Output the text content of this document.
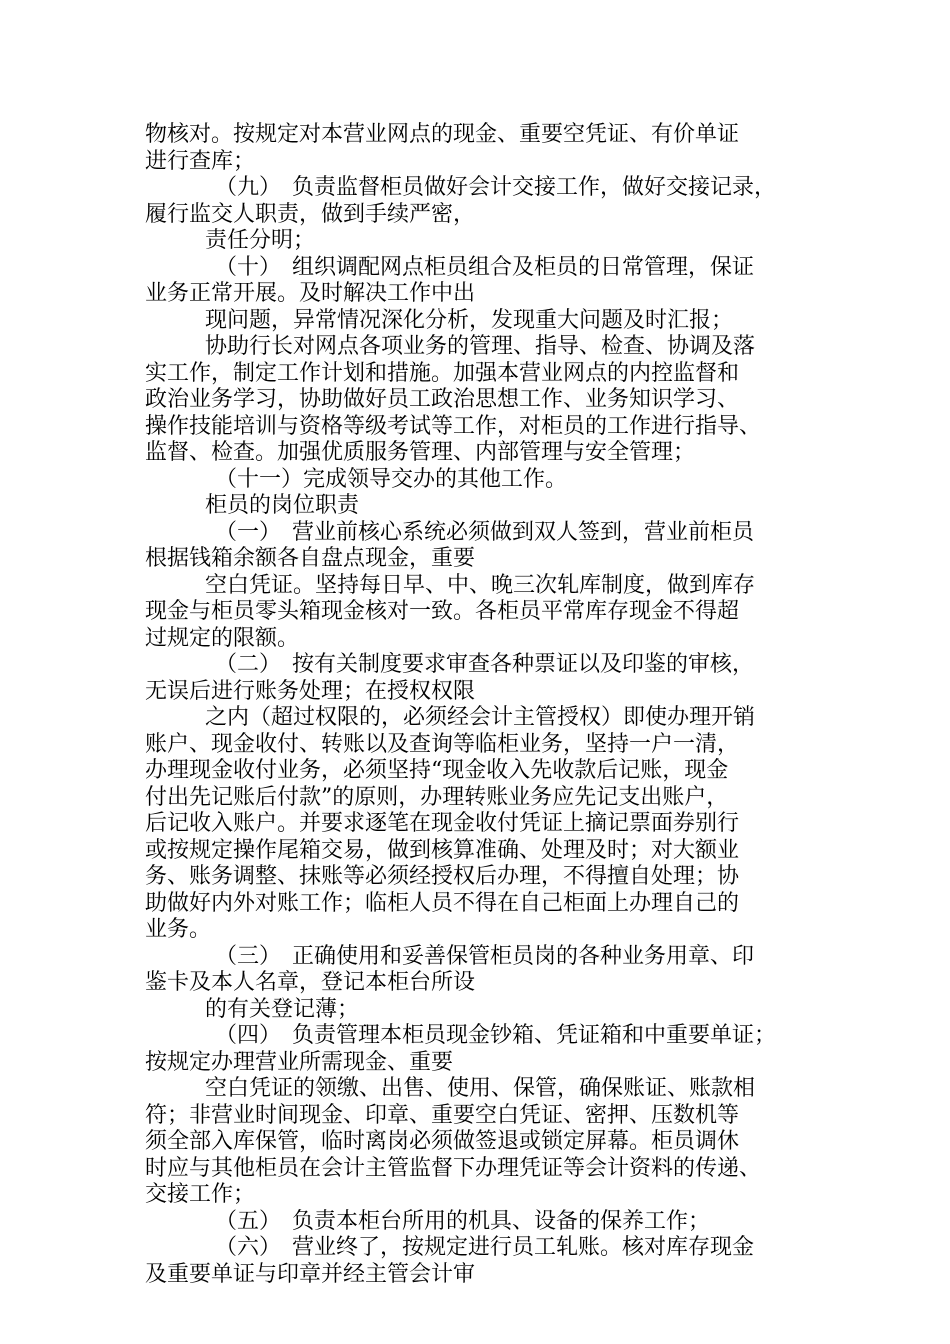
物核对。按规定对本营业网点的现金、重要空凭证、有价单证
进行查库；
（九）　负责监督柜员做好会计交接工作，做好交接记录，
履行监交人职责，做到手续严密，
责任分明；
（十）　组织调配网点柜员组合及柜员的日常管理，保证
业务正常开展。及时解决工作中出
现问题，异常情况深化分析，发现重大问题及时汇报；
协助行长对网点各项业务的管理、指导、检查、协调及落
实工作，制定工作计划和措施。加强本营业网点的内控监督和
政治业务学习，协助做好员工政治思想工作、业务知识学习、
操作技能培训与资格等级考试等工作，对柜员的工作进行指导、
监督、检查。加强优质服务管理、内部管理与安全管理；
（十一）完成领导交办的其他工作。
柜员的岗位职责
（一）　营业前核心系统必须做到双人签到，营业前柜员
根据钱箱余额各自盘点现金，重要
空白凭证。坚持每日早、中、晚三次轧库制度，做到库存
现金与柜员零头箱现金核对一致。各柜员平常库存现金不得超
过规定的限额。
（二）　按有关制度要求审查各种票证以及印鉴的审核，
无误后进行账务处理；在授权权限
之内（超过权限的，必须经会计主管授权）即使办理开销
账户、现金收付、转账以及查询等临柜业务，坚持一户一清，
办理现金收付业务，必须坚持“现金收入先收款后记账，现金
付出先记账后付款”的原则，办理转账业务应先记支出账户，
后记收入账户。并要求逐笔在现金收付凭证上摘记票面券别行
或按规定操作尾箱交易，做到核算准确、处理及时；对大额业
务、账务调整、抹账等必须经授权后办理，不得擅自处理；协
助做好内外对账工作；临柜人员不得在自己柜面上办理自己的
业务。
（三）　正确使用和妥善保管柜员岗的各种业务用章、印
鉴卡及本人名章，登记本柜台所设
的有关登记薄；
（四）　负责管理本柜员现金钞箱、凭证箱和中重要单证；
按规定办理营业所需现金、重要
空白凭证的领缴、出售、使用、保管，确保账证、账款相
符；非营业时间现金、印章、重要空白凭证、密押、压数机等
须全部入库保管，临时离岗必须做签退或锁定屏幕。柜员调休
时应与其他柜员在会计主管监督下办理凭证等会计资料的传递、
交接工作；
（五）　负责本柜台所用的机具、设备的保养工作；
（六）　营业终了，按规定进行员工轧账。核对库存现金
及重要单证与印章并经主管会计审
